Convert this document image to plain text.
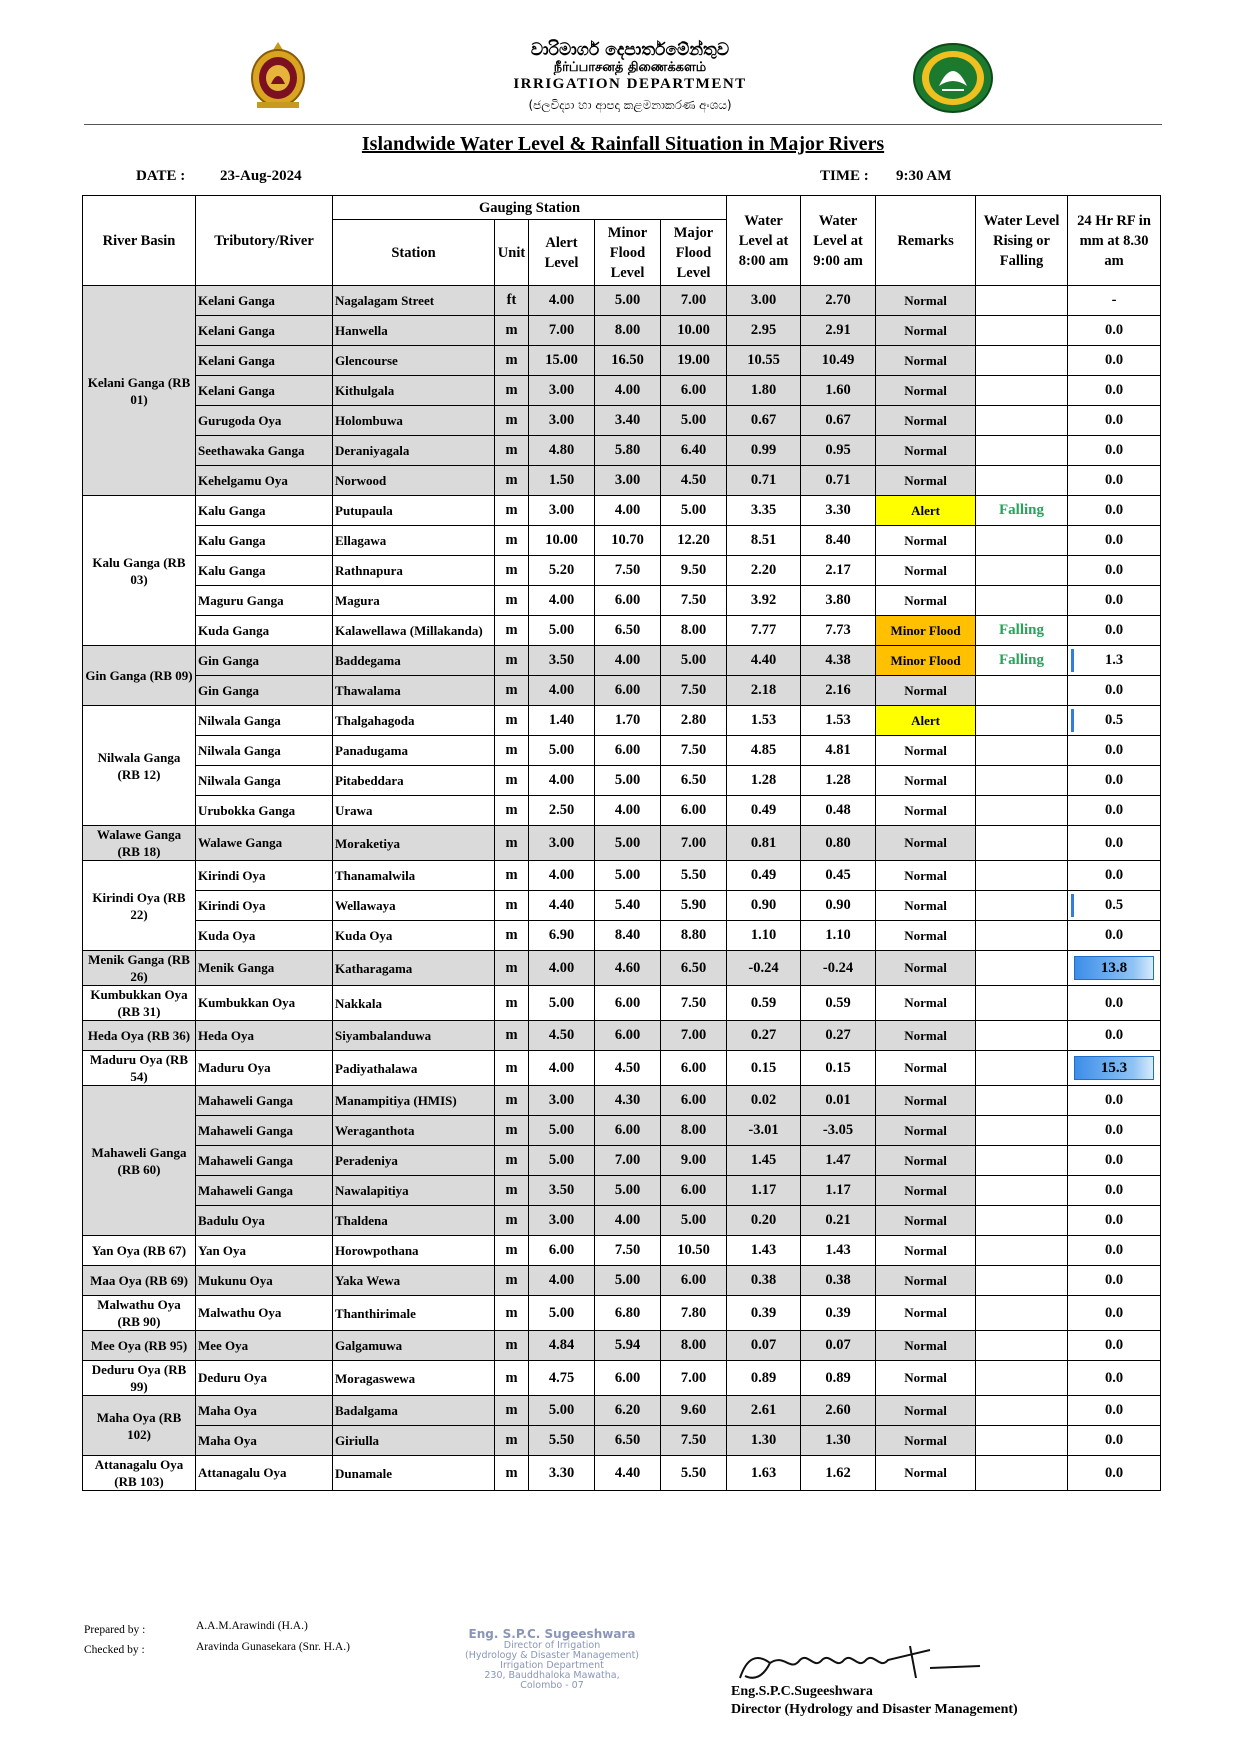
වාරිමාර්ග දෙපාර්තමේන්තුව
நீர்ப்பாசனத் திணைக்களம்
IRRIGATION DEPARTMENT
(ජලවිද්‍යා හා ආපදා කළමනාකරණ අංශය)
Islandwide Water Level & Rainfall Situation in Major Rivers
DATE : 23-Aug-2024	TIME : 9:30 AM
River Basin	Tributory/River	Gauging Station					Water Level at 8:00 am	Water Level at 9:00 am	Remarks	Water Level Rising or Falling	24 Hr RF in mm at 8.30 am
		Station	Unit	Alert Level	Minor Flood Level	Major Flood Level					
Kelani Ganga (RB 01)	Kelani Ganga	Nagalagam Street	ft	4.00	5.00	7.00	3.00	2.70	Normal		-
	Kelani Ganga	Hanwella	m	7.00	8.00	10.00	2.95	2.91	Normal		0.0
	Kelani Ganga	Glencourse	m	15.00	16.50	19.00	10.55	10.49	Normal		0.0
	Kelani Ganga	Kithulgala	m	3.00	4.00	6.00	1.80	1.60	Normal		0.0
	Gurugoda Oya	Holombuwa	m	3.00	3.40	5.00	0.67	0.67	Normal		0.0
	Seethawaka Ganga	Deraniyagala	m	4.80	5.80	6.40	0.99	0.95	Normal		0.0
	Kehelgamu Oya	Norwood	m	1.50	3.00	4.50	0.71	0.71	Normal		0.0
Kalu Ganga (RB 03)	Kalu Ganga	Putupaula	m	3.00	4.00	5.00	3.35	3.30	Alert	Falling	0.0
	Kalu Ganga	Ellagawa	m	10.00	10.70	12.20	8.51	8.40	Normal		0.0
	Kalu Ganga	Rathnapura	m	5.20	7.50	9.50	2.20	2.17	Normal		0.0
	Maguru Ganga	Magura	m	4.00	6.00	7.50	3.92	3.80	Normal		0.0
	Kuda Ganga	Kalawellawa (Millakanda)	m	5.00	6.50	8.00	7.77	7.73	Minor Flood	Falling	0.0
Gin Ganga (RB 09)	Gin Ganga	Baddegama	m	3.50	4.00	5.00	4.40	4.38	Minor Flood	Falling	1.3
	Gin Ganga	Thawalama	m	4.00	6.00	7.50	2.18	2.16	Normal		0.0
Nilwala Ganga (RB 12)	Nilwala Ganga	Thalgahagoda	m	1.40	1.70	2.80	1.53	1.53	Alert		0.5
	Nilwala Ganga	Panadugama	m	5.00	6.00	7.50	4.85	4.81	Normal		0.0
	Nilwala Ganga	Pitabeddara	m	4.00	5.00	6.50	1.28	1.28	Normal		0.0
	Urubokka Ganga	Urawa	m	2.50	4.00	6.00	0.49	0.48	Normal		0.0
Walawe Ganga (RB 18)	Walawe Ganga	Moraketiya	m	3.00	5.00	7.00	0.81	0.80	Normal		0.0
Kirindi Oya (RB 22)	Kirindi Oya	Thanamalwila	m	4.00	5.00	5.50	0.49	0.45	Normal		0.0
	Kirindi Oya	Wellawaya	m	4.40	5.40	5.90	0.90	0.90	Normal		0.5
	Kuda Oya	Kuda Oya	m	6.90	8.40	8.80	1.10	1.10	Normal		0.0
Menik Ganga (RB 26)	Menik Ganga	Katharagama	m	4.00	4.60	6.50	-0.24	-0.24	Normal		13.8

Kumbukkan Oya (RB 31)	Kumbukkan Oya	Nakkala	m	5.00	6.00	7.50	0.59	0.59	Normal		0.0
Heda Oya (RB 36)	Heda Oya	Siyambalanduwa	m	4.50	6.00	7.00	0.27	0.27	Normal		0.0
Maduru Oya (RB 54)	Maduru Oya	Padiyathalawa	m	4.00	4.50	6.00	0.15	0.15	Normal		15.3

Mahaweli Ganga (RB 60)	Mahaweli Ganga	Manampitiya (HMIS)	m	3.00	4.30	6.00	0.02	0.01	Normal		0.0
	Mahaweli Ganga	Weraganthota	m	5.00	6.00	8.00	-3.01	-3.05	Normal		0.0
	Mahaweli Ganga	Peradeniya	m	5.00	7.00	9.00	1.45	1.47	Normal		0.0
	Mahaweli Ganga	Nawalapitiya	m	3.50	5.00	6.00	1.17	1.17	Normal		0.0
	Badulu Oya	Thaldena	m	3.00	4.00	5.00	0.20	0.21	Normal		0.0
Yan Oya (RB 67)	Yan Oya	Horowpothana	m	6.00	7.50	10.50	1.43	1.43	Normal		0.0
Maa Oya (RB 69)	Mukunu Oya	Yaka Wewa	m	4.00	5.00	6.00	0.38	0.38	Normal		0.0
Malwathu Oya (RB 90)	Malwathu Oya	Thanthirimale	m	5.00	6.80	7.80	0.39	0.39	Normal		0.0
Mee Oya (RB 95)	Mee Oya	Galgamuwa	m	4.84	5.94	8.00	0.07	0.07	Normal		0.0
Deduru Oya (RB 99)	Deduru Oya	Moragaswewa	m	4.75	6.00	7.00	0.89	0.89	Normal		0.0
Maha Oya (RB 102)	Maha Oya	Badalgama	m	5.00	6.20	9.60	2.61	2.60	Normal		0.0
	Maha Oya	Giriulla	m	5.50	6.50	7.50	1.30	1.30	Normal		0.0
Attanagalu Oya (RB 103)	Attanagalu Oya	Dunamale	m	3.30	4.40	5.50	1.63	1.62	Normal		0.0
Prepared by :	A.A.M.Arawindi (H.A.)
Checked by :	Aravinda Gunasekara (Snr. H.A.)
Eng. S.P.C. Sugeeshwara
Director of Irrigation
(Hydrology & Disaster Management)
Irrigation Department
230, Bauddhaloka Mawatha,
Colombo - 07	Eng.S.P.C.Sugeeshwara
Director (Hydrology and Disaster Management)
